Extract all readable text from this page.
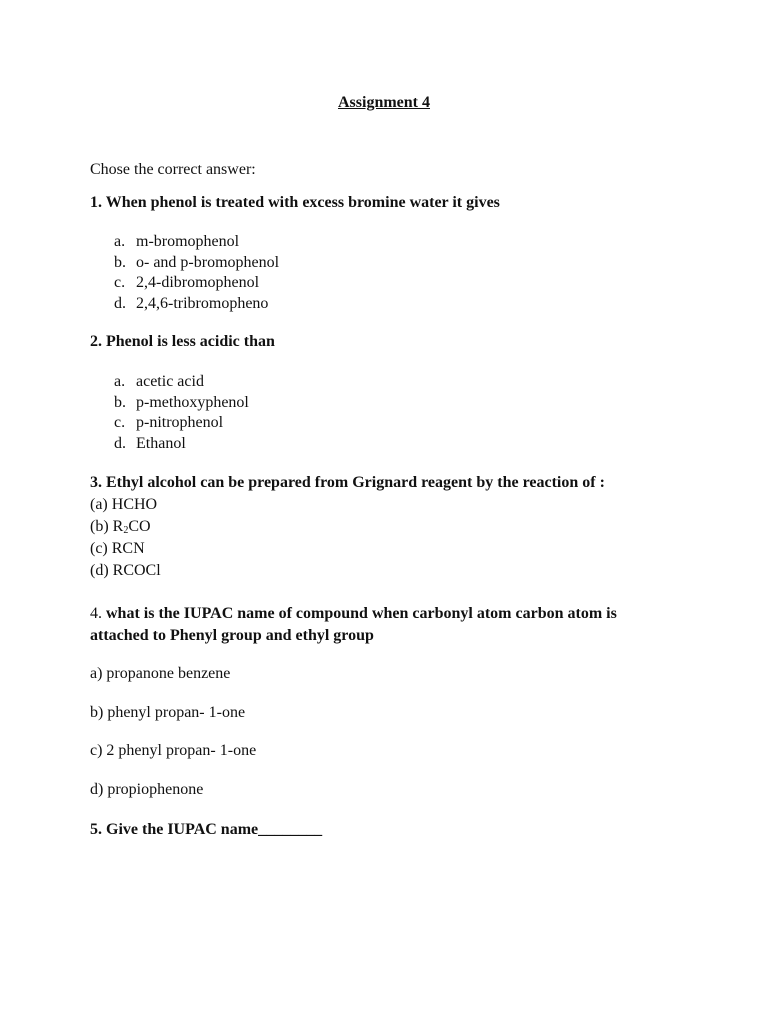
Assignment 4
Chose the correct answer:
1. When phenol is treated with excess bromine water it gives
a. m-bromophenol
b. o- and p-bromophenol
c. 2,4-dibromophenol
d. 2,4,6-tribromopheno
2. Phenol is less acidic than
a. acetic acid
b. p-methoxyphenol
c. p-nitrophenol
d. Ethanol
3. Ethyl alcohol can be prepared from Grignard reagent by the reaction of :
(a) HCHO
(b) $R_2CO$
(c) RCN
(d) RCOCl
4. what is the IUPAC name of compound when carbonyl atom carbon atom is
attached to Phenyl group and ethyl group
a) propanone benzene
b) phenyl propan- 1-one
c) 2 phenyl propan- 1-one
d) propiophenone
5. Give the IUPAC name________
